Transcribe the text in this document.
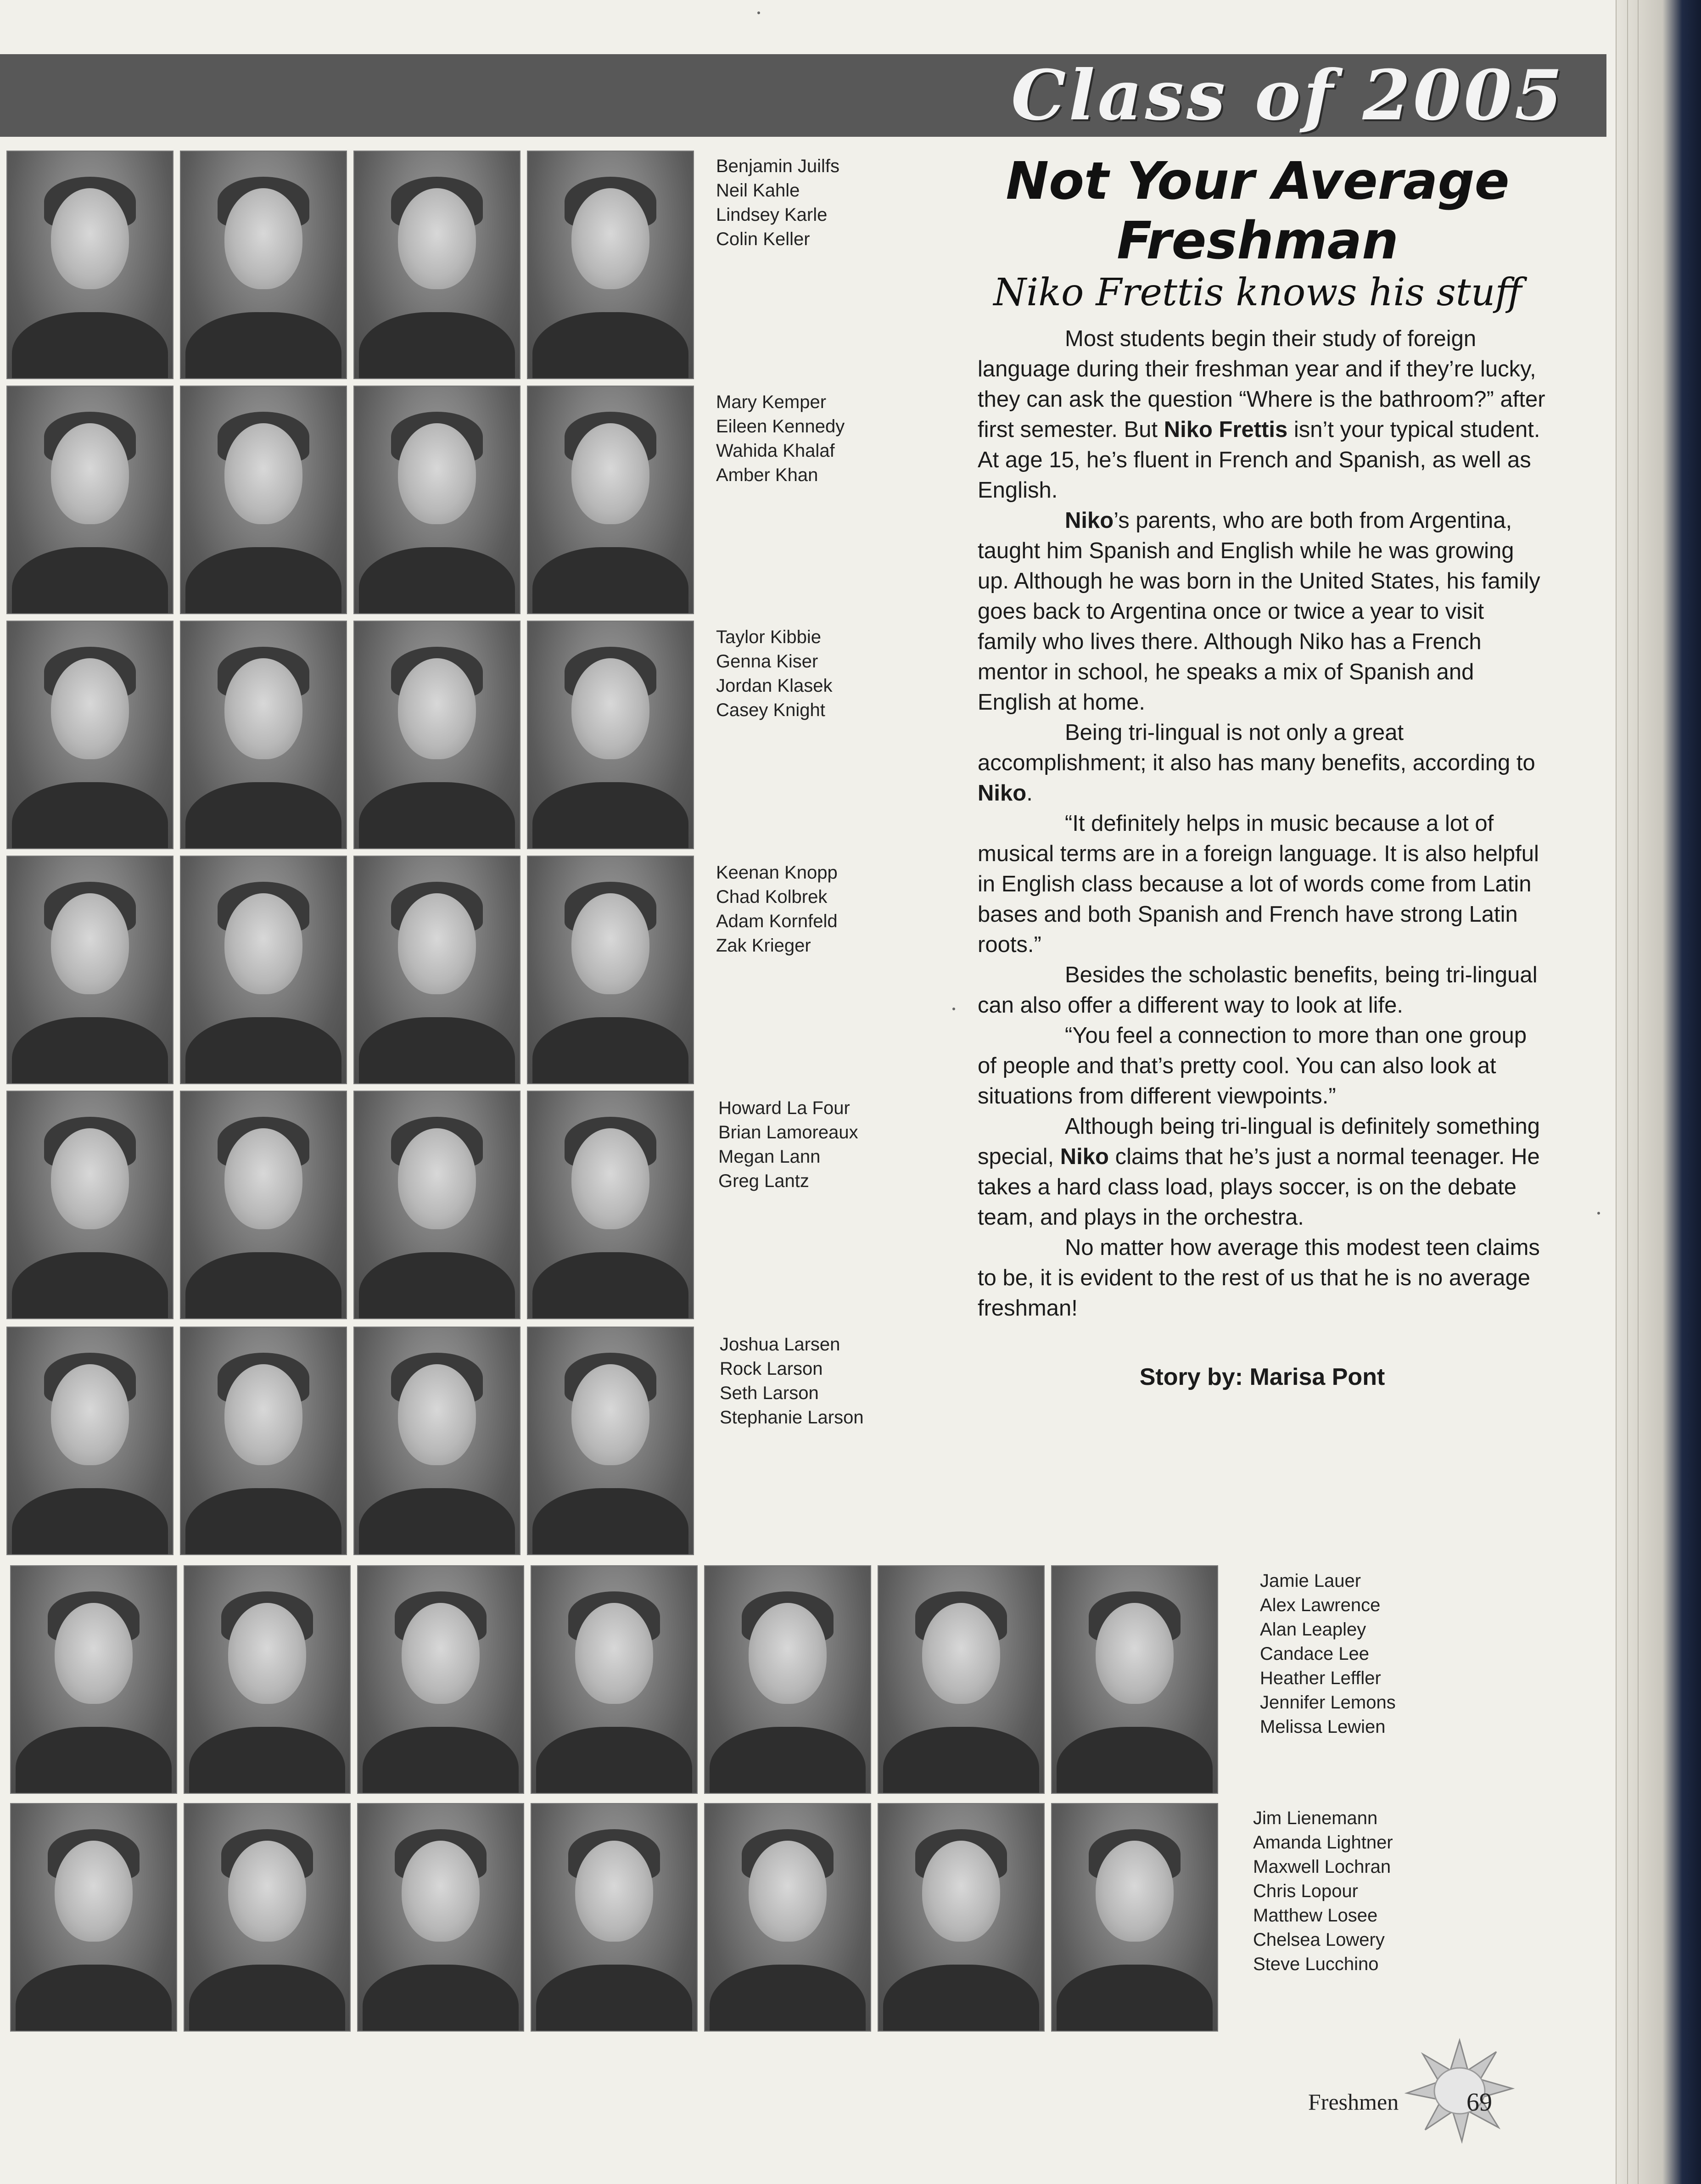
Class of 2005
Benjamin Juilfs
Neil Kahle
Lindsey Karle
Colin Keller
Mary Kemper
Eileen Kennedy
Wahida Khalaf
Amber Khan
Taylor Kibbie
Genna Kiser
Jordan Klasek
Casey Knight
Keenan Knopp
Chad Kolbrek
Adam Kornfeld
Zak Krieger
Howard La Four
Brian Lamoreaux
Megan Lann
Greg Lantz
Joshua Larsen
Rock Larson
Seth Larson
Stephanie Larson
Jamie Lauer
Alex Lawrence
Alan Leapley
Candace Lee
Heather Leffler
Jennifer Lemons
Melissa Lewien
Jim Lienemann
Amanda Lightner
Maxwell Lochran
Chris Lopour
Matthew Losee
Chelsea Lowery
Steve Lucchino
Not Your Average
Freshman
Niko Frettis knows his stuff

Most students begin their study of foreign language during their freshman year and if they’re lucky, they can ask the question “Where is the bathroom?” after first semester. But Niko Frettis isn’t your typical student. At age 15, he’s fluent in French and Spanish, as well as English.

Niko’s parents, who are both from Argentina, taught him Spanish and English while he was growing up. Although he was born in the United States, his family goes back to Argentina once or twice a year to visit family who lives there. Although Niko has a French mentor in school, he speaks a mix of Spanish and English at home.

Being tri-lingual is not only a great accomplishment; it also has many benefits, according to Niko.

“It definitely helps in music because a lot of musical terms are in a foreign language. It is also helpful in English class because a lot of words come from Latin bases and both Spanish and French have strong Latin roots.”

Besides the scholastic benefits, being tri-lingual can also offer a different way to look at life.

“You feel a connection to more than one group of people and that’s pretty cool. You can also look at situations from different viewpoints.”

Although being tri-lingual is definitely something special, Niko claims that he’s just a normal teenager. He takes a hard class load, plays soccer, is on the debate team, and plays in the orchestra.

No matter how average this modest teen claims to be, it is evident to the rest of us that he is no average freshman!

Story by: Marisa Pont
Freshmen	69
